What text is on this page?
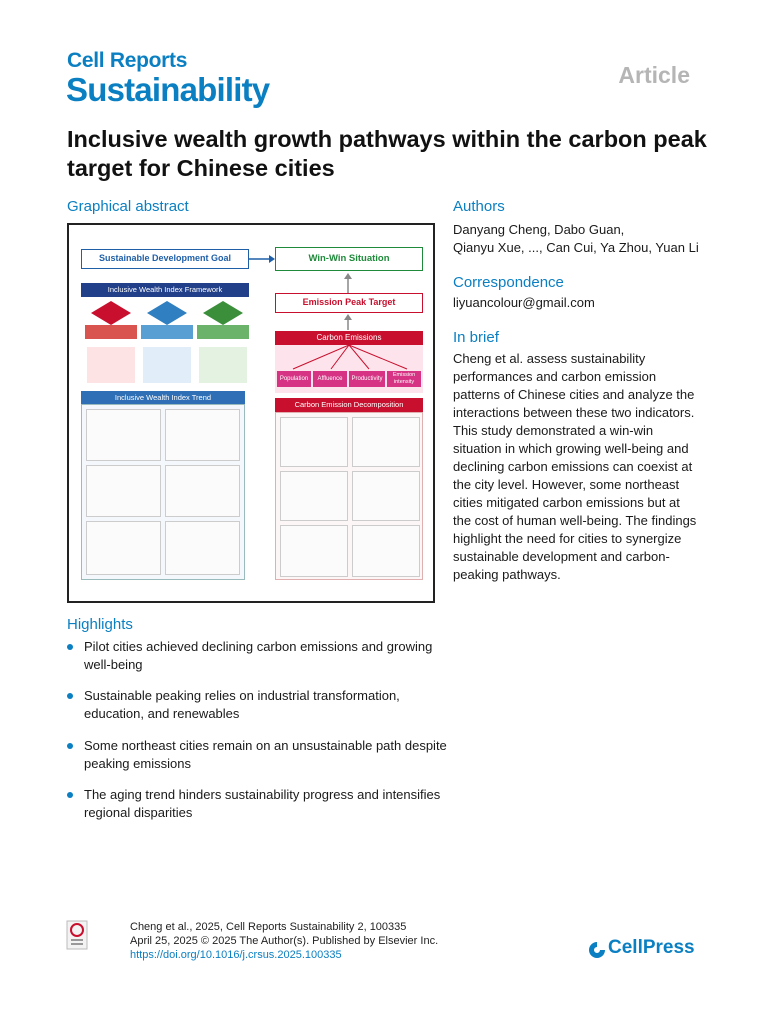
Cell Reports
Sustainability	Article
Inclusive wealth growth pathways within the carbon peak target for Chinese cities
Graphical abstract
Sustainable Development Goal	Win-Win Situation
Inclusive Wealth Index Framework
Emission Peak Target
Carbon Emissions
Population	Affluence	Productivity
Emission intensity
Inclusive Wealth Index Trend
Carbon Emission Decomposition
Authors
Danyang Cheng, Dabo Guan,
Qianyu Xue, ..., Can Cui, Ya Zhou, Yuan Li
Correspondence
liyuancolour@gmail.com
In brief
Cheng et al. assess sustainability performances and carbon emission patterns of Chinese cities and analyze the interactions between these two indicators. This study demonstrated a win-win situation in which growing well-being and declining carbon emissions can coexist at the city level. However, some northeast cities mitigated carbon emissions but at the cost of human well-being. The findings highlight the need for cities to synergize sustainable development and carbon-peaking pathways.
Highlights
Pilot cities achieved declining carbon emissions and growing well-being
Sustainable peaking relies on industrial transformation, education, and renewables
Some northeast cities remain on an unsustainable path despite peaking emissions
The aging trend hinders sustainability progress and intensifies regional disparities
Cheng et al., 2025, Cell Reports Sustainability 2, 100335
April 25, 2025 © 2025 The Author(s). Published by Elsevier Inc.
https://doi.org/10.1016/j.crsus.2025.100335	CellPress
